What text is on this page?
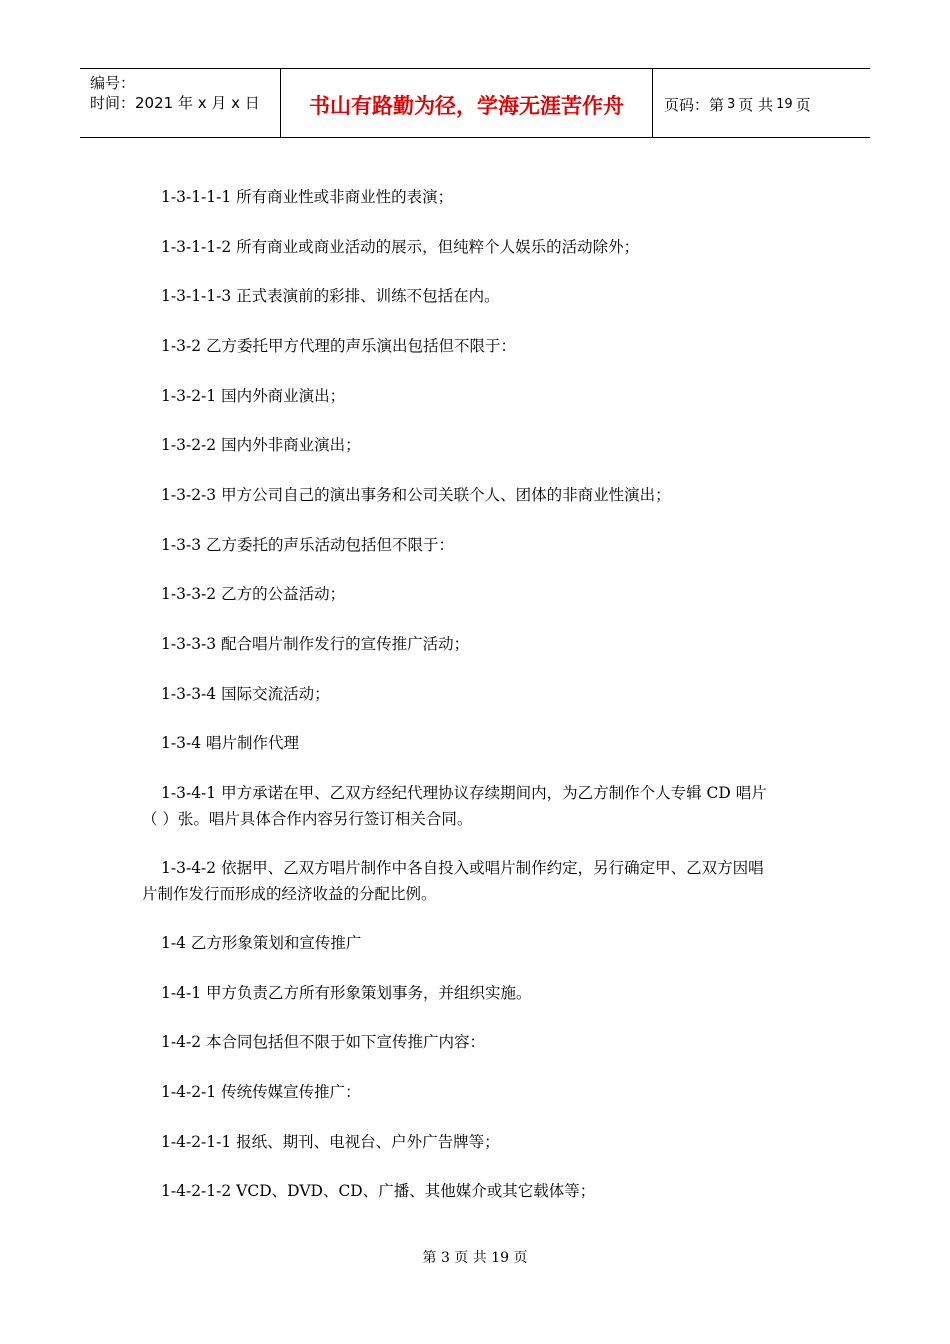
编号：
时间：2021 年 x 月 x 日	书山有路勤为径，学海无涯苦作舟	页码：第 3 页 共 19 页
1-3-1-1-1 所有商业性或非商业性的表演；
1-3-1-1-2 所有商业或商业活动的展示，但纯粹个人娱乐的活动除外；
1-3-1-1-3 正式表演前的彩排、训练不包括在内。
1-3-2 乙方委托甲方代理的声乐演出包括但不限于：
1-3-2-1 国内外商业演出；
1-3-2-2 国内外非商业演出；
1-3-2-3 甲方公司自己的演出事务和公司关联个人、团体的非商业性演出；
1-3-3 乙方委托的声乐活动包括但不限于：
1-3-3-2 乙方的公益活动；
1-3-3-3 配合唱片制作发行的宣传推广活动；
1-3-3-4 国际交流活动；
1-3-4 唱片制作代理
1-3-4-1 甲方承诺在甲、乙双方经纪代理协议存续期间内，为乙方制作个人专辑 CD 唱片
（ ）张。唱片具体合作内容另行签订相关合同。
1-3-4-2 依据甲、乙双方唱片制作中各自投入或唱片制作约定，另行确定甲、乙双方因唱
片制作发行而形成的经济收益的分配比例。
1-4 乙方形象策划和宣传推广
1-4-1 甲方负责乙方所有形象策划事务，并组织实施。
1-4-2 本合同包括但不限于如下宣传推广内容：
1-4-2-1 传统传媒宣传推广：
1-4-2-1-1 报纸、期刊、电视台、户外广告牌等；
1-4-2-1-2 VCD、DVD、CD、广播、其他媒介或其它载体等；
第 3 页 共 19 页
